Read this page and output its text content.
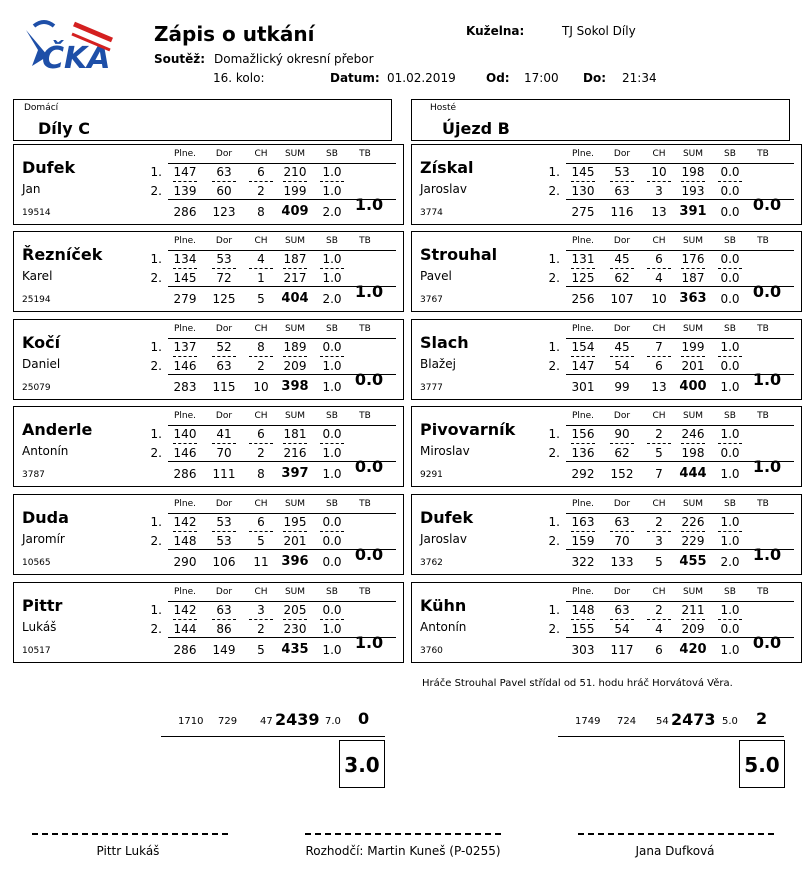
ČKA
Zápis o utkání
Soutěž: Domažlický okresní přebor
16. kolo:
Kuželna:	TJ Sokol Díly
Datum: 01.02.2019	Od: 17:00 Do: 21:34
Domácí
Díly C
Hosté
Újezd B
Dufek
Jan
19514
Plne.	Dor	CH	SUM	SB	TB
1. 147	63	6	210	1.0
2. 139	60	2	199	1.0
286	123	8	409	2.0 1.0
Řezníček
Karel
25194
Plne.	Dor	CH	SUM	SB	TB
1. 134	53	4	187	1.0
2. 145	72	1	217	1.0
279	125	5	404	2.0 1.0
Kočí
Daniel
25079
Plne.	Dor	CH	SUM	SB	TB
1. 137	52	8	189	0.0
2. 146	63	2	209	1.0
283	115	10 398	1.0 0.0
Anderle
Antonín
3787
Plne.	Dor	CH	SUM	SB	TB
1. 140	41	6	181	0.0
2. 146	70	2	216	1.0
286	111	8	397	1.0 0.0
Duda
Jaromír
10565
Plne.	Dor	CH	SUM	SB	TB
1. 142	53	6	195	0.0
2. 148	53	5	201	0.0
290	106	11 396	0.0 0.0
Pittr
Lukáš
10517
Plne.	Dor	CH	SUM	SB	TB
1. 142	63	3	205	0.0
2. 144	86	2	230	1.0
286	149	5	435	1.0 1.0
Získal
Jaroslav
3774
Plne.	Dor	CH	SUM	SB	TB
1. 145	53	10	198	0.0
2. 130	63	3	193	0.0
275	116	13 391	0.0 0.0
Strouhal
Pavel
3767
Plne.	Dor	CH	SUM	SB	TB
1. 131	45	6	176	0.0
2. 125	62	4	187	0.0
256	107	10 363	0.0 0.0
Slach
Blažej
3777
Plne.	Dor	CH	SUM	SB	TB
1. 154	45	7	199	1.0
2. 147	54	6	201	0.0
301	99	13 400	1.0 1.0
Pivovarník
Miroslav
9291
Plne.	Dor	CH	SUM	SB	TB
1. 156	90	2	246	1.0
2. 136	62	5	198	0.0
292	152	7	444	1.0 1.0
Dufek
Jaroslav
3762
Plne.	Dor	CH	SUM	SB	TB
1. 163	63	2	226	1.0
2. 159	70	3	229	1.0
322	133	5	455	2.0 1.0
Kühn
Antonín
3760
Plne.	Dor	CH	SUM	SB	TB
1. 148	63	2	211	1.0
2. 155	54	4	209	0.0
303	117	6	420	1.0 0.0
Hráče Strouhal Pavel střídal od 51. hodu hráč Horvátová Věra.
1710 729 47 2439 7.0 0
3.0
1749 724 54 2473 5.0 2
5.0
Pittr Lukáš	Rozhodčí: Martin Kuneš (P-0255)	Jana Dufková
